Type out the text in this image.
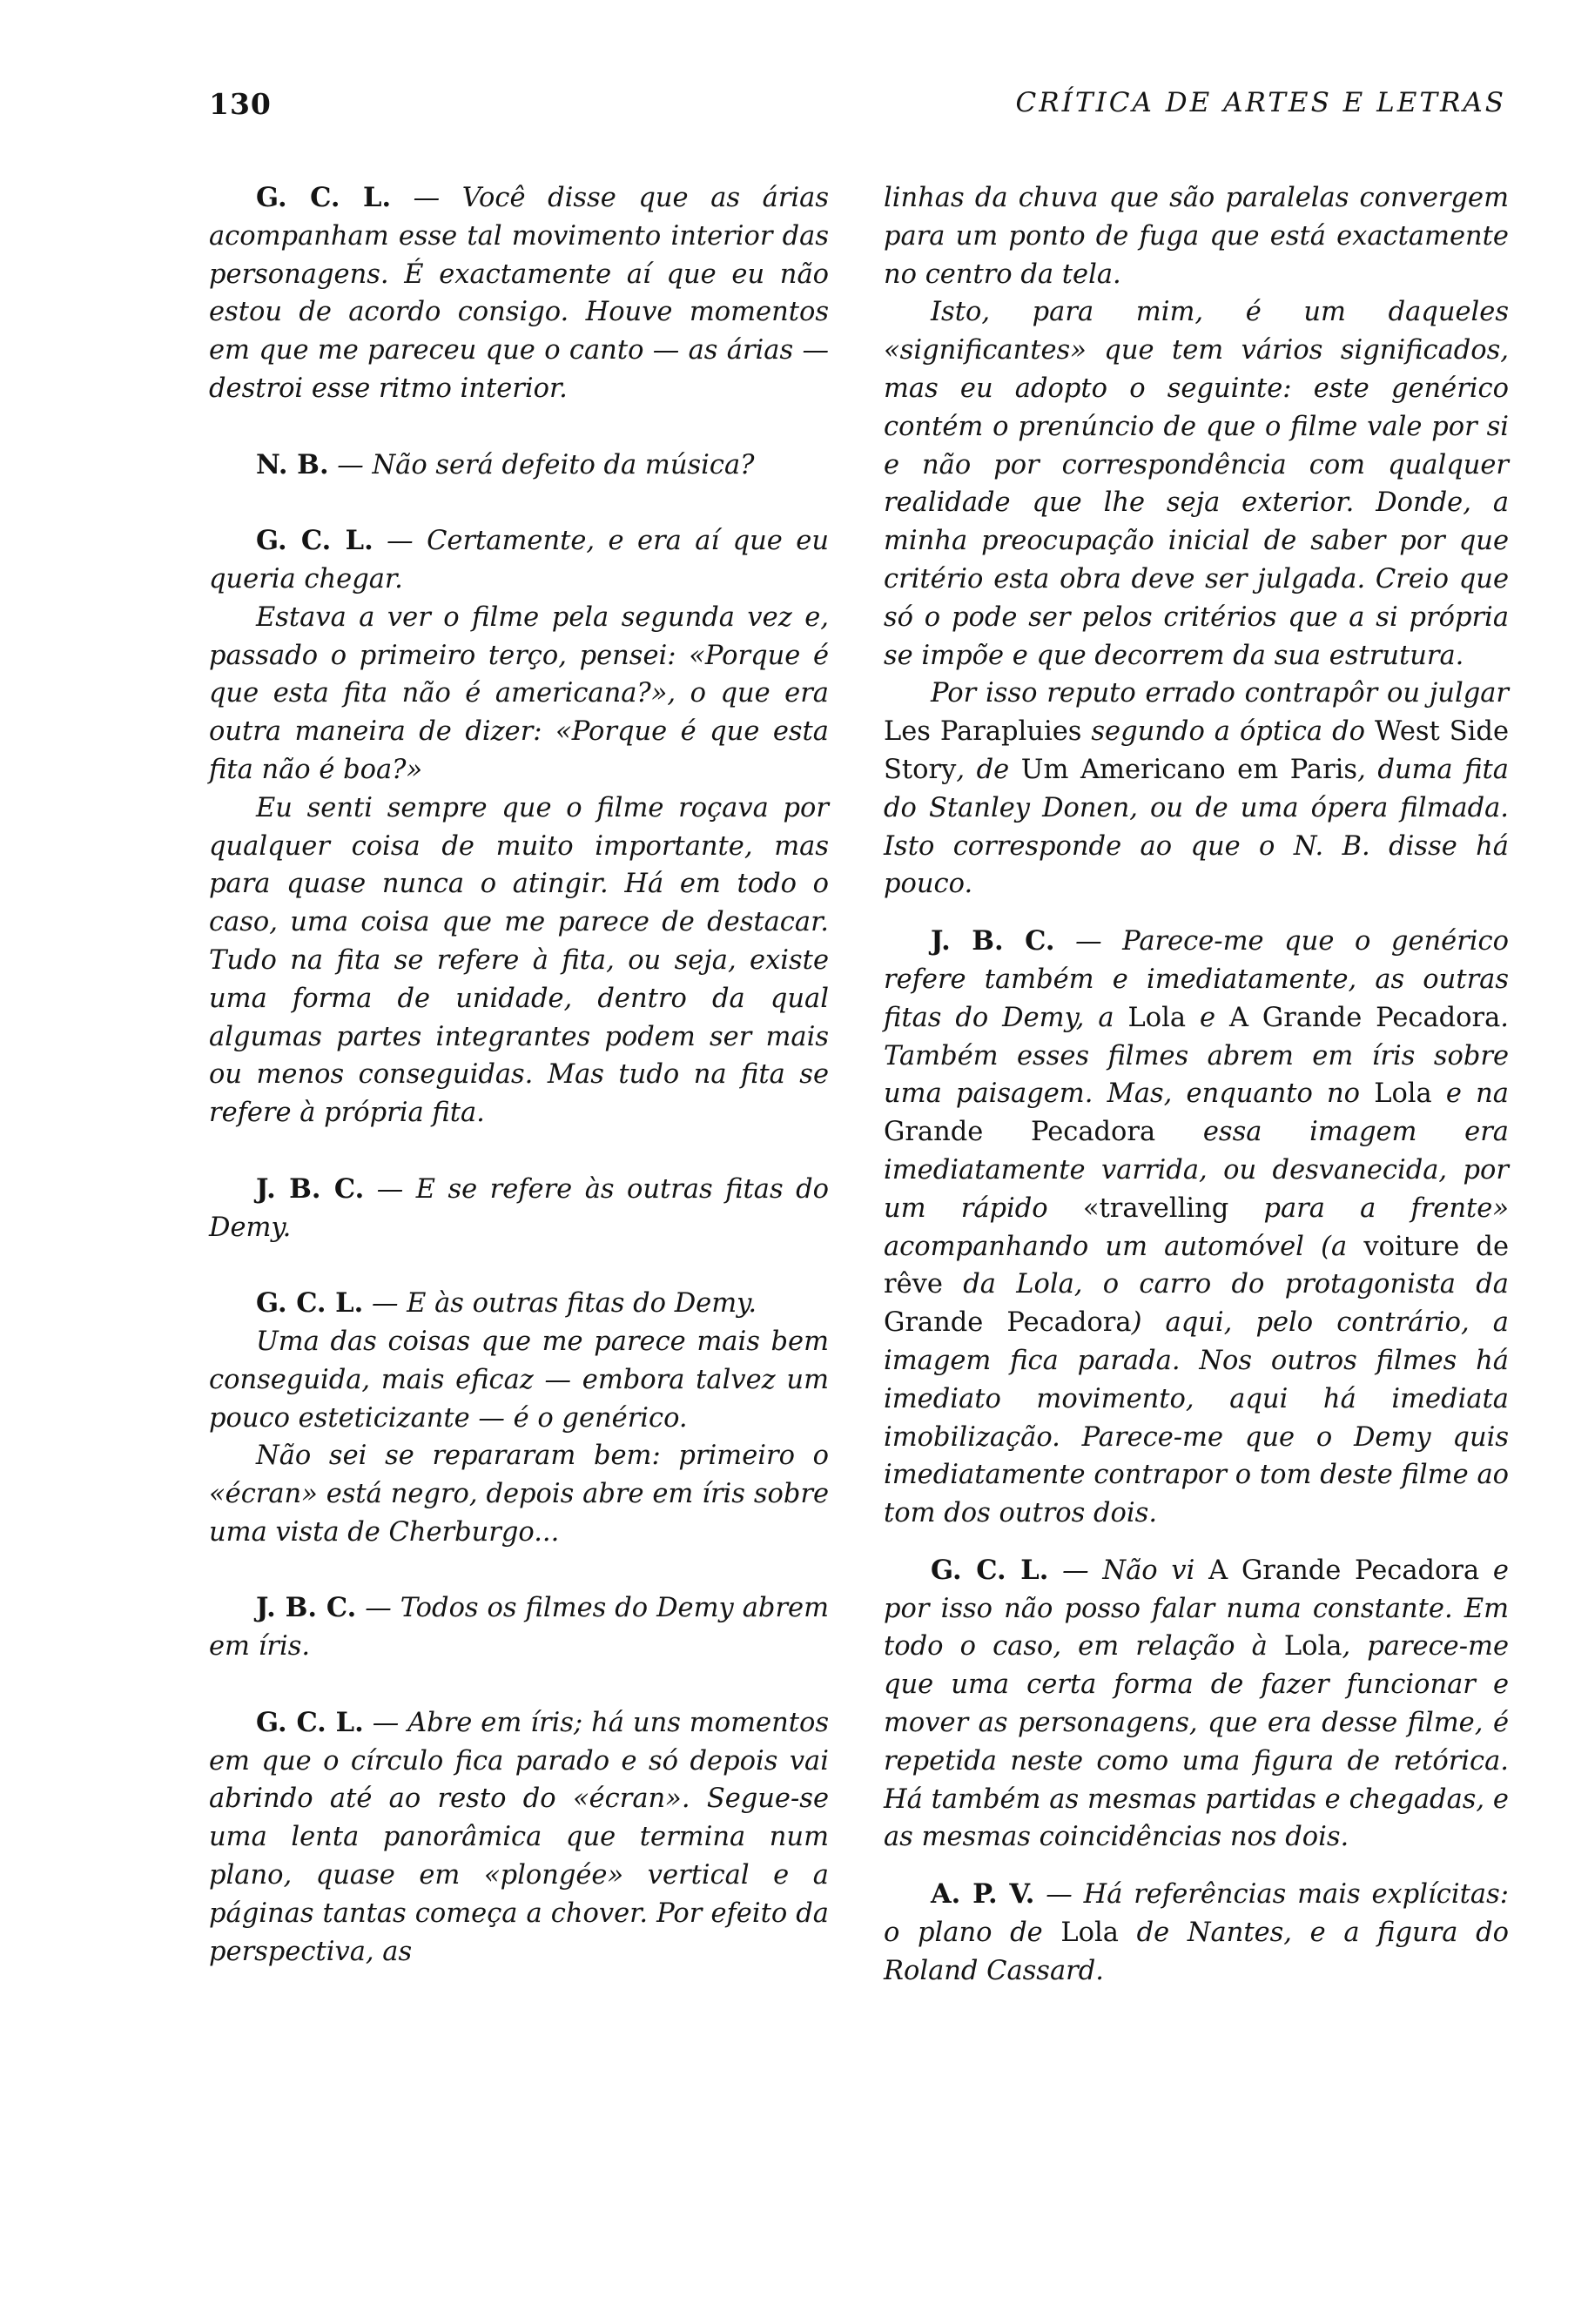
130	CRÍTICA DE ARTES E LETRAS

G. C. L. — Você disse que as árias acompanham esse tal movimento interior das personagens. É exactamente aí que eu não estou de acordo consigo. Houve momentos em que me pareceu que o canto — as árias — destroi esse ritmo interior.

N. B. — Não será defeito da música?

G. C. L. — Certamente, e era aí que eu queria chegar.

Estava a ver o filme pela segunda vez e, passado o primeiro terço, pensei: «Porque é que esta fita não é americana?», o que era outra maneira de dizer: «Porque é que esta fita não é boa?»

Eu senti sempre que o filme roçava por qualquer coisa de muito importante, mas para quase nunca o atingir. Há em todo o caso, uma coisa que me parece de destacar. Tudo na fita se refere à fita, ou seja, existe uma forma de unidade, dentro da qual algumas partes integrantes podem ser mais ou menos conseguidas. Mas tudo na fita se refere à própria fita.

J. B. C. — E se refere às outras fitas do Demy.

G. C. L. — E às outras fitas do Demy.

Uma das coisas que me parece mais bem conseguida, mais eficaz — embora talvez um pouco esteticizante — é o genérico.

Não sei se repararam bem: primeiro o «écran» está negro, depois abre em íris sobre uma vista de Cherburgo...

J. B. C. — Todos os filmes do Demy abrem em íris.

G. C. L. — Abre em íris; há uns momentos em que o círculo fica parado e só depois vai abrindo até ao resto do «écran». Segue-se uma lenta panorâmica que termina num plano, quase em «plongée» vertical e a páginas tantas começa a chover. Por efeito da perspectiva, as

linhas da chuva que são paralelas convergem para um ponto de fuga que está exactamente no centro da tela.

Isto, para mim, é um daqueles «significantes» que tem vários significados, mas eu adopto o seguinte: este genérico contém o prenúncio de que o filme vale por si e não por correspondência com qualquer realidade que lhe seja exterior. Donde, a minha preocupação inicial de saber por que critério esta obra deve ser julgada. Creio que só o pode ser pelos critérios que a si própria se impõe e que decorrem da sua estrutura.

Por isso reputo errado contrapôr ou julgar Les Parapluies segundo a óptica do West Side Story, de Um Americano em Paris, duma fita do Stanley Donen, ou de uma ópera filmada. Isto corresponde ao que o N. B. disse há pouco.

J. B. C. — Parece-me que o genérico refere também e imediatamente, as outras fitas do Demy, a Lola e A Grande Pecadora. Também esses filmes abrem em íris sobre uma paisagem. Mas, enquanto no Lola e na Grande Pecadora essa imagem era imediatamente varrida, ou desvanecida, por um rápido «travelling para a frente» acompanhando um automóvel (a voiture de rêve da Lola, o carro do protagonista da Grande Pecadora) aqui, pelo contrário, a imagem fica parada. Nos outros filmes há imediato movimento, aqui há imediata imobilização. Parece-me que o Demy quis imediatamente contrapor o tom deste filme ao tom dos outros dois.

G. C. L. — Não vi A Grande Pecadora e por isso não posso falar numa constante. Em todo o caso, em relação à Lola, parece-me que uma certa forma de fazer funcionar e mover as personagens, que era desse filme, é repetida neste como uma figura de retórica. Há também as mesmas partidas e chegadas, e as mesmas coincidências nos dois.

A. P. V. — Há referências mais explícitas: o plano de Lola de Nantes, e a figura do Roland Cassard.
